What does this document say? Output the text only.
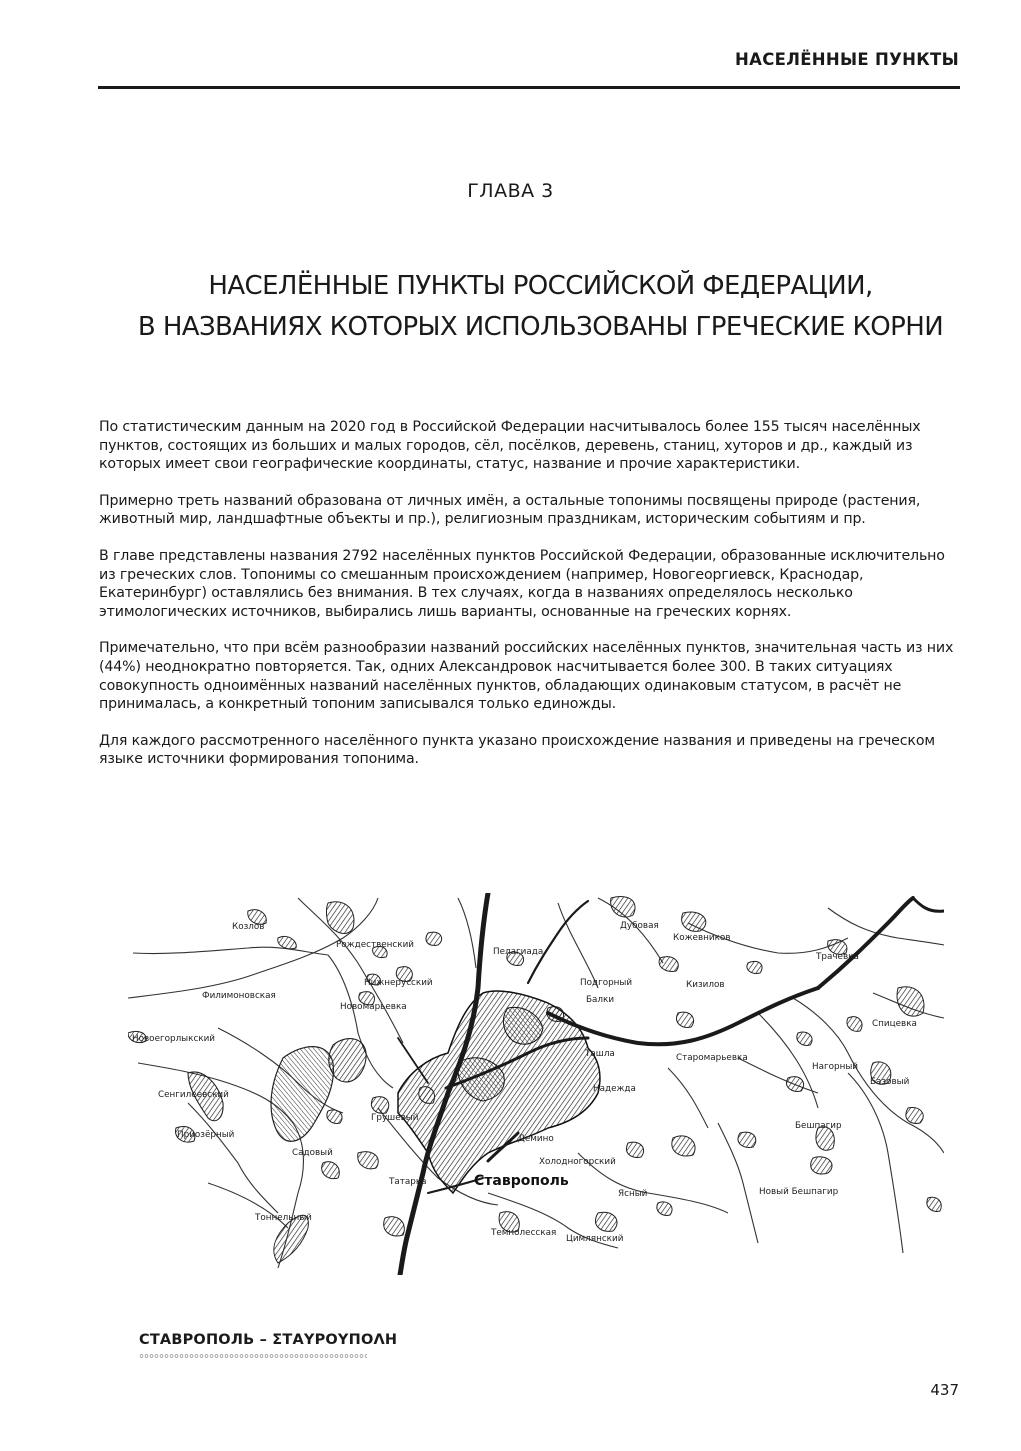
НАСЕЛЁННЫЕ ПУНКТЫ
ГЛАВА 3
НАСЕЛЁННЫЕ ПУНКТЫ РОССИЙСКОЙ ФЕДЕРАЦИИ,
В НАЗВАНИЯХ КОТОРЫХ ИСПОЛЬЗОВАНЫ ГРЕЧЕСКИЕ КОРНИ

По статистическим данным на 2020 год в Российской Федерации насчитывалось более 155 тысяч населённых пунктов, состоящих из больших и малых городов, сёл, посёлков, деревень, станиц, хуторов и др., каждый из которых имеет свои географические координаты, статус, название и прочие характеристики.

Примерно треть названий образована от личных имён, а остальные топонимы посвящены природе (растения, животный мир, ландшафтные объекты и пр.), религиозным праздникам, историческим событиям и пр.

В главе представлены названия 2792 населённых пунктов Российской Федерации, образованные исключительно из греческих слов. Топонимы со смешанным происхождением (например, Новогеоргиевск, Краснодар, Екатеринбург) оставлялись без внимания. В тех случаях, когда в названиях определялось несколько этимологических источников, выбирались лишь варианты, основанные на греческих корнях.

Примечательно, что при всём разнообразии названий российских населённых пунктов, значительная часть из них (44%) неоднократно повторяется. Так, одних Александровок насчитывается более 300. В таких ситуациях совокупность одноимённых названий населённых пунктов, обладающих одинаковым статусом, в расчёт не принималась, а конкретный топоним записывался только единожды.

Для каждого рассмотренного населённого пункта указано происхождение названия и приведены на греческом языке источники формирования топонима.

Козлов
Рождественский
Пелагиада
Дубовая
Кожевников
Трачевка
Филимоновская
Нижнерусский
Новомарьевка
Подгорный	Кизилов
Балки
Спицевка
Новоегорлыкский
Ташла	Старомарьевка
Надежда
Нагорный
Базовый
Сенгилеевский
Грушевый
Приозёрный
Садовый
Демино
Холодногорский
Бешпагир
Татарка
Ясный	Новый Бешпагир
Тоннельный
Темнолесская
Цимлянский
Ставрополь
СТАВРОПОЛЬ – ΣΤΑΥΡΟΥΠΟΛΗ
437
